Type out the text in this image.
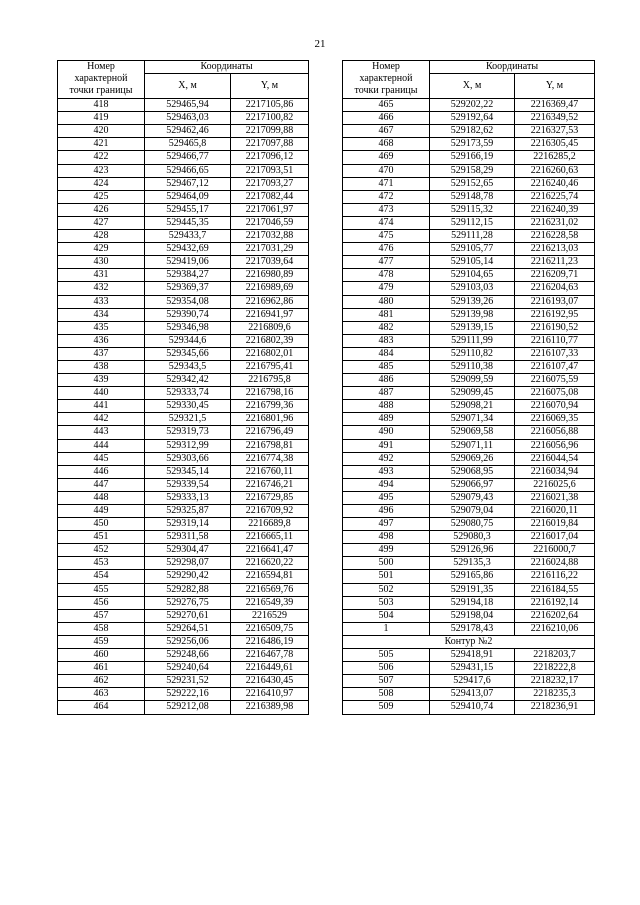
21
Номер
характерной
точки границы	Координаты	
	X, м	Y, м
418	529465,94	2217105,86
419	529463,03	2217100,82
420	529462,46	2217099,88
421	529465,8	2217097,88
422	529466,77	2217096,12
423	529466,65	2217093,51
424	529467,12	2217093,27
425	529464,09	2217082,44
426	529455,17	2217061,97
427	529445,35	2217046,59
428	529433,7	2217032,88
429	529432,69	2217031,29
430	529419,06	2217039,64
431	529384,27	2216980,89
432	529369,37	2216989,69
433	529354,08	2216962,86
434	529390,74	2216941,97
435	529346,98	2216809,6
436	529344,6	2216802,39
437	529345,66	2216802,01
438	529343,5	2216795,41
439	529342,42	2216795,8
440	529333,74	2216798,16
441	529330,45	2216799,36
442	529321,5	2216801,96
443	529319,73	2216796,49
444	529312,99	2216798,81
445	529303,66	2216774,38
446	529345,14	2216760,11
447	529339,54	2216746,21
448	529333,13	2216729,85
449	529325,87	2216709,92
450	529319,14	2216689,8
451	529311,58	2216665,11
452	529304,47	2216641,47
453	529298,07	2216620,22
454	529290,42	2216594,81
455	529282,88	2216569,76
456	529276,75	2216549,39
457	529270,61	2216529
458	529264,51	2216509,75
459	529256,06	2216486,19
460	529248,66	2216467,78
461	529240,64	2216449,61
462	529231,52	2216430,45
463	529222,16	2216410,97
464	529212,08	2216389,98
Номер
характерной
точки границы	Координаты	
	X, м	Y, м
465	529202,22	2216369,47
466	529192,64	2216349,52
467	529182,62	2216327,53
468	529173,59	2216305,45
469	529166,19	2216285,2
470	529158,29	2216260,63
471	529152,65	2216240,46
472	529148,78	2216225,74
473	529115,32	2216240,39
474	529112,15	2216231,02
475	529111,28	2216228,58
476	529105,77	2216213,03
477	529105,14	2216211,23
478	529104,65	2216209,71
479	529103,03	2216204,63
480	529139,26	2216193,07
481	529139,98	2216192,95
482	529139,15	2216190,52
483	529111,99	2216110,77
484	529110,82	2216107,33
485	529110,38	2216107,47
486	529099,59	2216075,59
487	529099,45	2216075,08
488	529098,21	2216070,94
489	529071,34	2216069,35
490	529069,58	2216056,88
491	529071,11	2216056,96
492	529069,26	2216044,54
493	529068,95	2216034,94
494	529066,97	2216025,6
495	529079,43	2216021,38
496	529079,04	2216020,11
497	529080,75	2216019,84
498	529080,3	2216017,04
499	529126,96	2216000,7
500	529135,3	2216024,88
501	529165,86	2216116,22
502	529191,35	2216184,55
503	529194,18	2216192,14
504	529198,04	2216202,64
1	529178,43	2216210,06
Контур №2		
505	529418,91	2218203,7
506	529431,15	2218222,8
507	529417,6	2218232,17
508	529413,07	2218235,3
509	529410,74	2218236,91
